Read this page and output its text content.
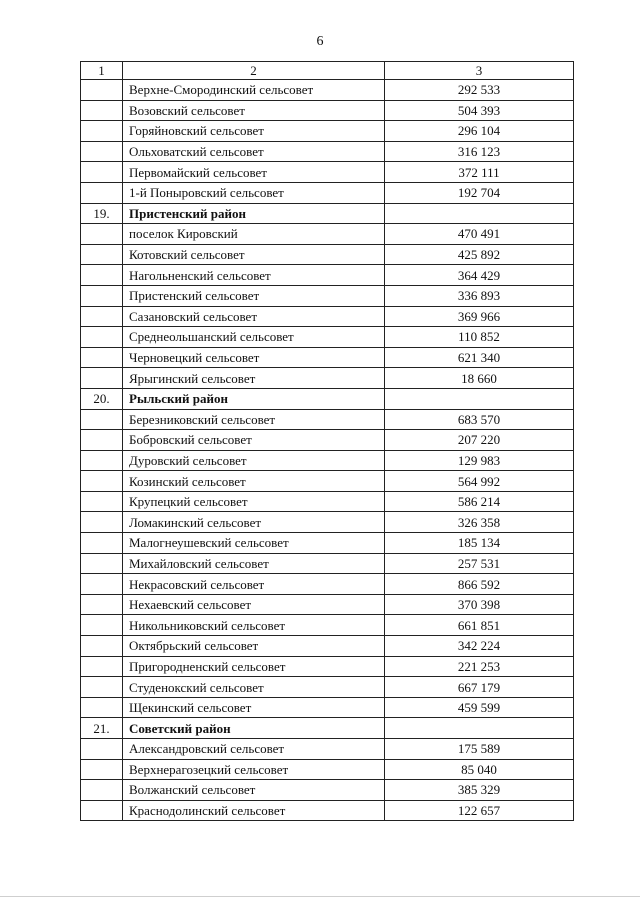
6
1	2	3
	Верхне-Смородинский сельсовет	292 533
	Возовский сельсовет	504 393
	Горяйновский сельсовет	296 104
	Ольховатский сельсовет	316 123
	Первомайский сельсовет	372 111
	1-й Поныровский сельсовет	192 704
19.	Пристенский район	
	поселок Кировский	470 491
	Котовский сельсовет	425 892
	Нагольненский сельсовет	364 429
	Пристенский сельсовет	336 893
	Сазановский сельсовет	369 966
	Среднеольшанский сельсовет	110 852
	Черновецкий сельсовет	621 340
	Ярыгинский сельсовет	18 660
20.	Рыльский район	
	Березниковский сельсовет	683 570
	Бобровский сельсовет	207 220
	Дуровский сельсовет	129 983
	Козинский сельсовет	564 992
	Крупецкий сельсовет	586 214
	Ломакинский сельсовет	326 358
	Малогнеушевский сельсовет	185 134
	Михайловский сельсовет	257 531
	Некрасовский сельсовет	866 592
	Нехаевский сельсовет	370 398
	Никольниковский сельсовет	661 851
	Октябрьский сельсовет	342 224
	Пригородненский сельсовет	221 253
	Студенокский сельсовет	667 179
	Щекинский сельсовет	459 599
21.	Советский район	
	Александровский сельсовет	175 589
	Верхнерагозецкий сельсовет	85 040
	Волжанский сельсовет	385 329
	Краснодолинский сельсовет	122 657
